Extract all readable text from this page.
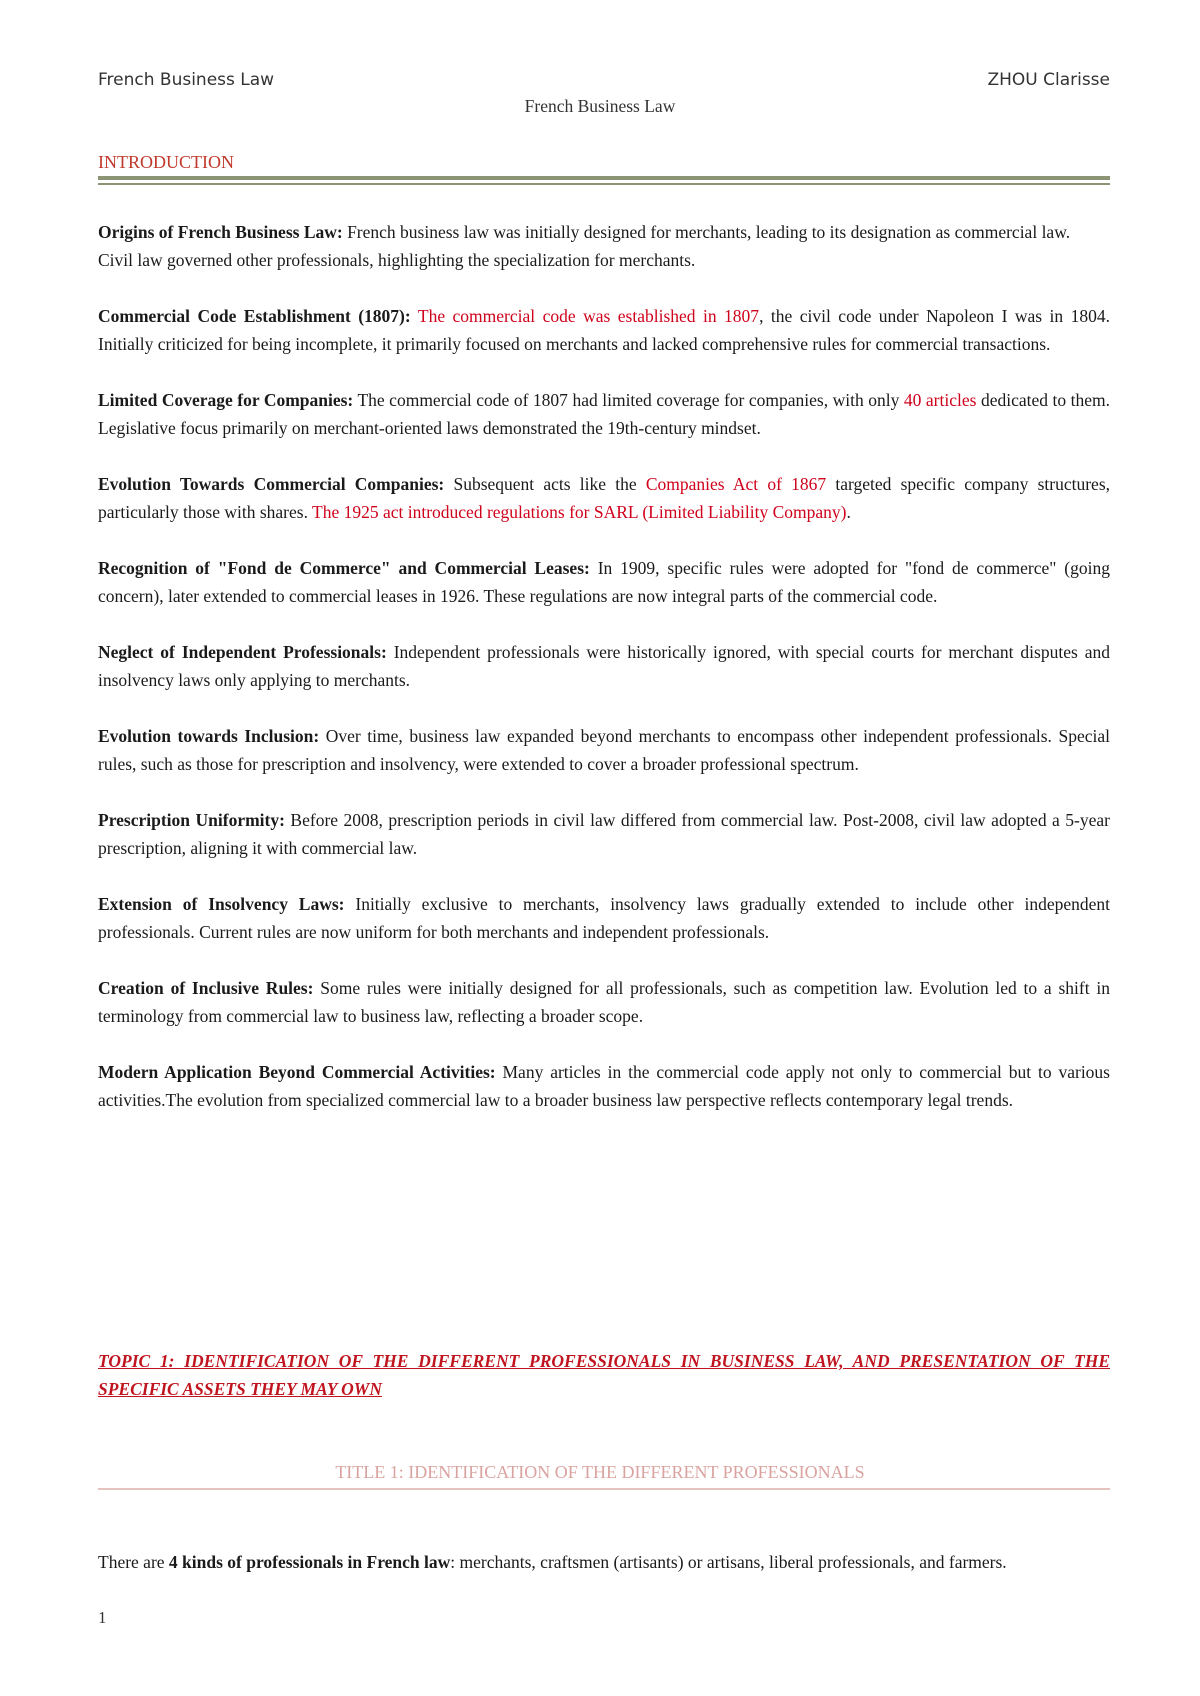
French Business Law	ZHOU Clarisse
French Business Law
INTRODUCTION

Origins of French Business Law: French business law was initially designed for merchants, leading to its designation as commercial law.

Civil law governed other professionals, highlighting the specialization for merchants.

Commercial Code Establishment (1807): The commercial code was established in 1807, the civil code under Napoleon I was in 1804. Initially criticized for being incomplete, it primarily focused on merchants and lacked comprehensive rules for commercial transactions.

Limited Coverage for Companies: The commercial code of 1807 had limited coverage for companies, with only 40 articles dedicated to them. Legislative focus primarily on merchant-oriented laws demonstrated the 19th-century mindset.

Evolution Towards Commercial Companies: Subsequent acts like the Companies Act of 1867 targeted specific company structures, particularly those with shares. The 1925 act introduced regulations for SARL (Limited Liability Company).

Recognition of "Fond de Commerce" and Commercial Leases: In 1909, specific rules were adopted for "fond de commerce" (going concern), later extended to commercial leases in 1926. These regulations are now integral parts of the commercial code.

Neglect of Independent Professionals: Independent professionals were historically ignored, with special courts for merchant disputes and insolvency laws only applying to merchants.

Evolution towards Inclusion: Over time, business law expanded beyond merchants to encompass other independent professionals. Special rules, such as those for prescription and insolvency, were extended to cover a broader professional spectrum.

Prescription Uniformity: Before 2008, prescription periods in civil law differed from commercial law. Post-2008, civil law adopted a 5-year prescription, aligning it with commercial law.

Extension of Insolvency Laws: Initially exclusive to merchants, insolvency laws gradually extended to include other independent professionals. Current rules are now uniform for both merchants and independent professionals.

Creation of Inclusive Rules: Some rules were initially designed for all professionals, such as competition law. Evolution led to a shift in terminology from commercial law to business law, reflecting a broader scope.

Modern Application Beyond Commercial Activities: Many articles in the commercial code apply not only to commercial but to various activities.The evolution from specialized commercial law to a broader business law perspective reflects contemporary legal trends.

TOPIC 1: IDENTIFICATION OF THE DIFFERENT PROFESSIONALS IN BUSINESS LAW, AND PRESENTATION OF THE SPECIFIC ASSETS THEY MAY OWN
TITLE 1: IDENTIFICATION OF THE DIFFERENT PROFESSIONALS
There are 4 kinds of professionals in French law: merchants, craftsmen (artisants) or artisans, liberal professionals, and farmers.
1
